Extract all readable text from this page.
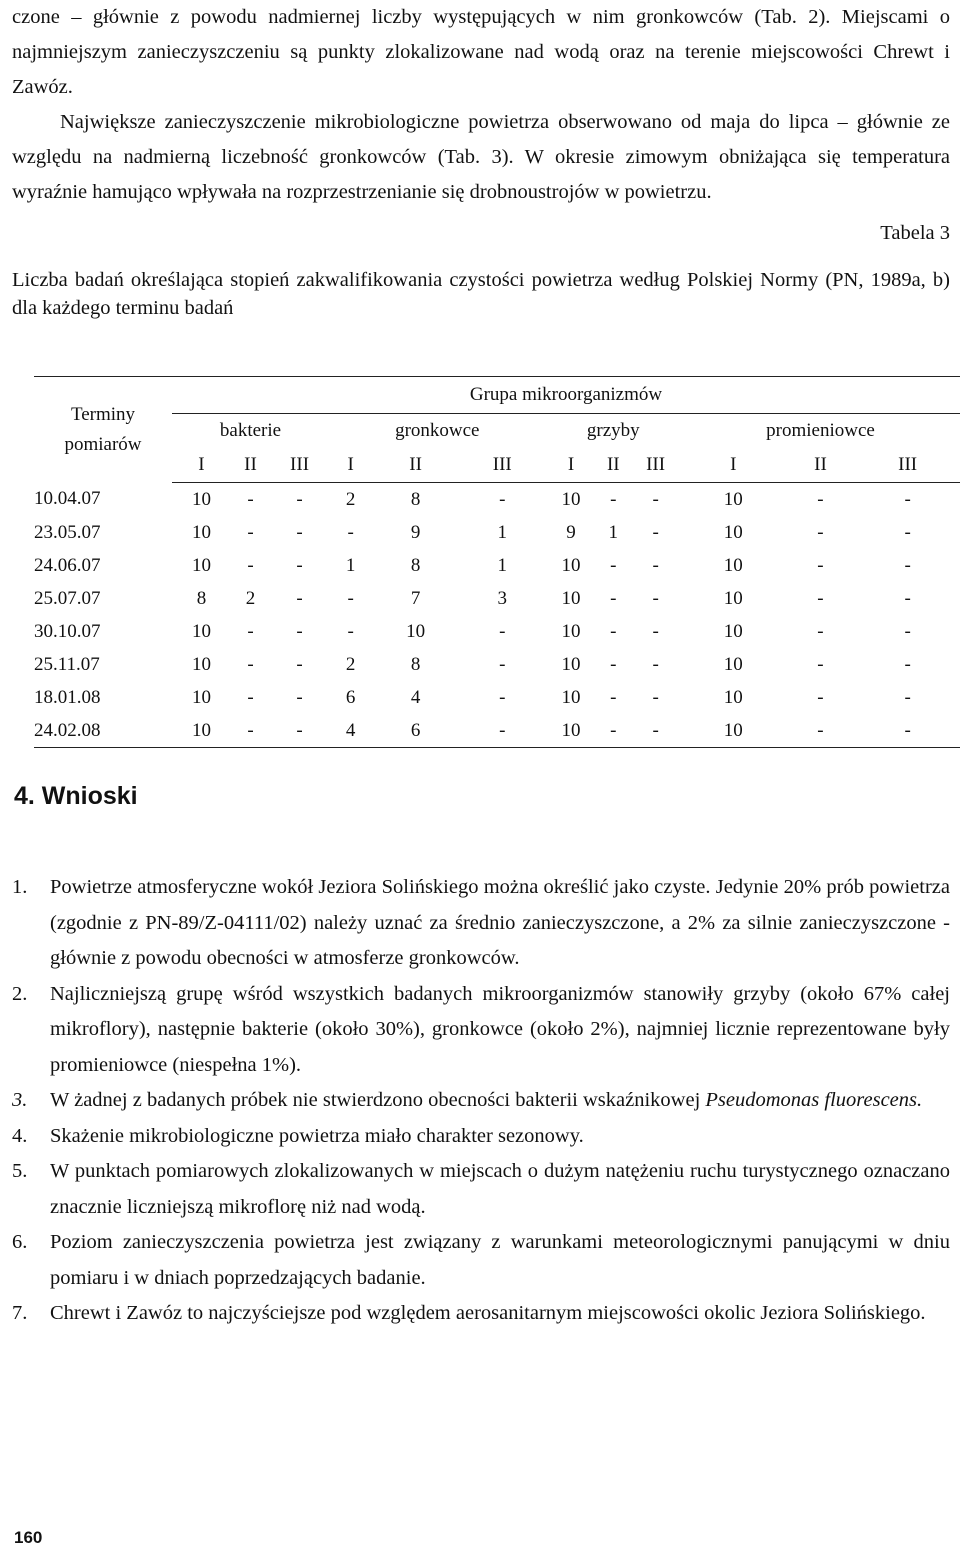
czone – głównie z powodu nadmiernej liczby występujących w nim gronkowców (Tab. 2). Miejscami o najmniejszym zanieczyszczeniu są punkty zlokalizowane nad wodą oraz na terenie miejscowości Chrewt i Zawóz.

Największe zanieczyszczenie mikrobiologiczne powietrza obserwowano od maja do lipca – głównie ze względu na nadmierną liczebność gronkowców (Tab. 3). W okresie zimowym obniżająca się temperatura wyraźnie hamująco wpływała na rozprzestrzenianie się drobnoustrojów w powietrzu.

Tabela 3

Liczba badań określająca stopień zakwalifikowania czystości powietrza według Polskiej Normy (PN, 1989a, b) dla każdego terminu badań

Terminy
pomiarów	Grupa mikroorganizmów											
	bakterie			gronkowce			grzyby			promieniowce		
	I	II	III	I	II	III	I	II	III	I	II	III
10.04.07	10	-	-	2	8	-	10	-	-	10	-	-
23.05.07	10	-	-	-	9	1	9	1	-	10	-	-
24.06.07	10	-	-	1	8	1	10	-	-	10	-	-
25.07.07	8	2	-	-	7	3	10	-	-	10	-	-
30.10.07	10	-	-	-	10	-	10	-	-	10	-	-
25.11.07	10	-	-	2	8	-	10	-	-	10	-	-
18.01.08	10	-	-	6	4	-	10	-	-	10	-	-
24.02.08	10	-	-	4	6	-	10	-	-	10	-	-
4. Wnioski
1. Powietrze atmosferyczne wokół Jeziora Solińskiego można określić jako czyste. Jedynie 20% prób powietrza (zgodnie z PN-89/Z-04111/02) należy uznać za średnio zanieczyszczone, a 2% za silnie zanieczyszczone - głównie z powodu obecności w atmosferze gronkowców.
2. Najliczniejszą grupę wśród wszystkich badanych mikroorganizmów stanowiły grzyby (około 67% całej mikroflory), następnie bakterie (około 30%), gronkowce (około 2%), najmniej licznie reprezentowane były promieniowce (niespełna 1%).
3. W żadnej z badanych próbek nie stwierdzono obecności bakterii wskaźnikowej Pseudomonas fluorescens.
4. Skażenie mikrobiologiczne powietrza miało charakter sezonowy.
5. W punktach pomiarowych zlokalizowanych w miejscach o dużym natężeniu ruchu turystycznego oznaczano znacznie liczniejszą mikroflorę niż nad wodą.
6. Poziom zanieczyszczenia powietrza jest związany z warunkami meteorologicznymi panującymi w dniu pomiaru i w dniach poprzedzających badanie.
7. Chrewt i Zawóz to najczyściejsze pod względem aerosanitarnym miejscowości okolic Jeziora Solińskiego.
160
